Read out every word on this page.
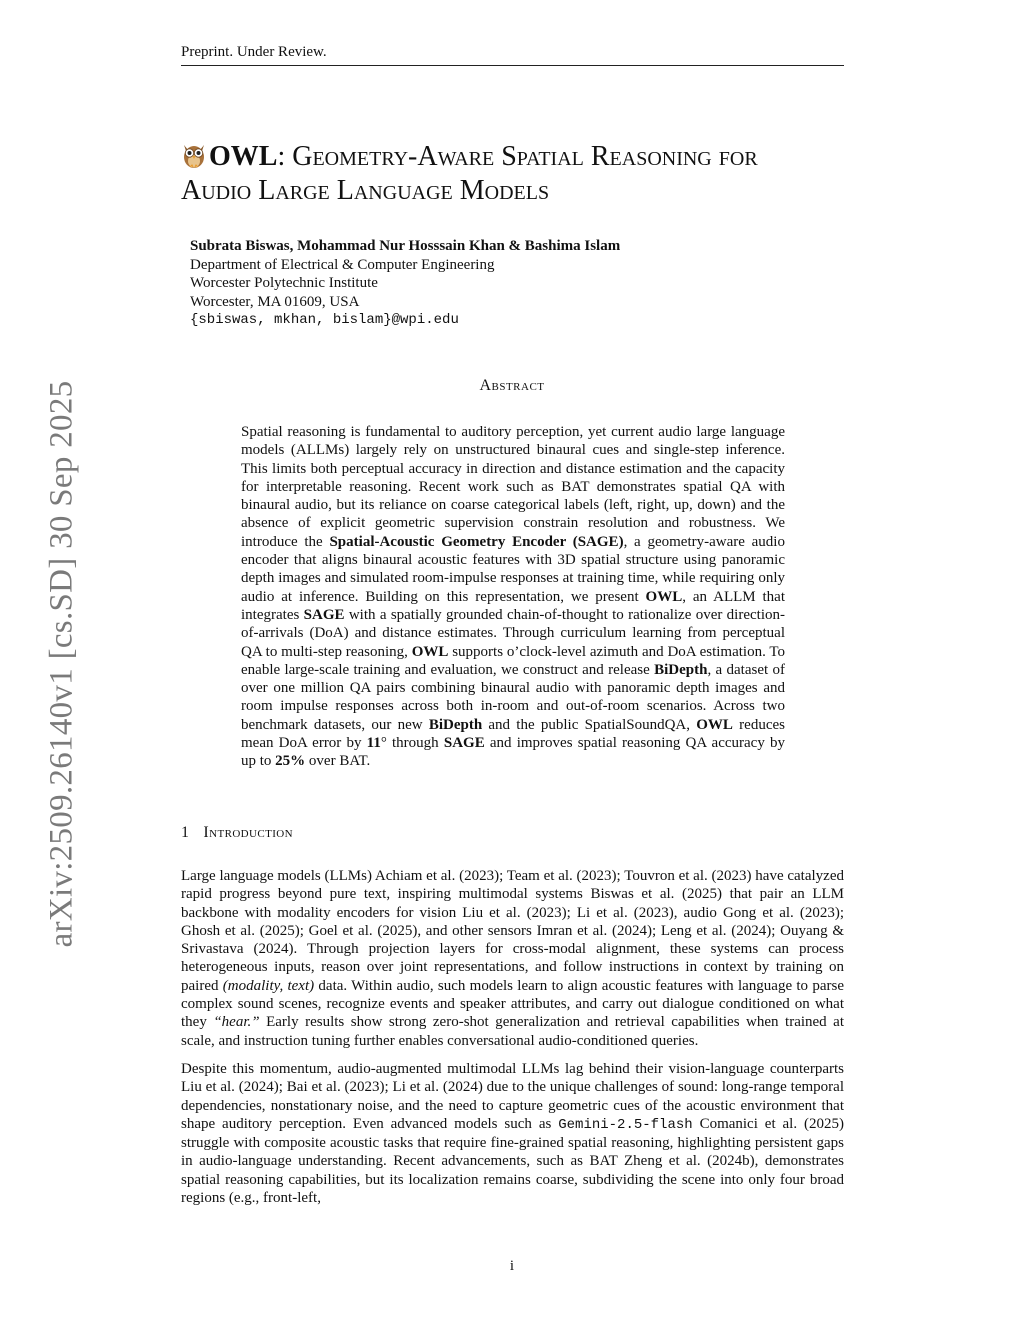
Preprint. Under Review.
OWL: Geometry-Aware Spatial Reasoning for
Audio Large Language Models
Subrata Biswas, Mohammad Nur Hosssain Khan & Bashima Islam
Department of Electrical & Computer Engineering
Worcester Polytechnic Institute
Worcester, MA 01609, USA
{sbiswas, mkhan, bislam}@wpi.edu
arXiv:2509.26140v1 [cs.SD] 30 Sep 2025	Abstract
Spatial reasoning is fundamental to auditory perception, yet current audio large language models (ALLMs) largely rely on unstructured binaural cues and single-step inference. This limits both perceptual accuracy in direction and distance estimation and the capacity for interpretable reasoning. Recent work such as BAT demonstrates spatial QA with binaural audio, but its reliance on coarse categorical labels (left, right, up, down) and the absence of explicit geometric supervision constrain resolution and robustness. We introduce the Spatial-Acoustic Geometry Encoder (SAGE), a geometry-aware audio encoder that aligns binaural acoustic features with 3D spatial structure using panoramic depth images and simulated room-impulse responses at training time, while requiring only audio at inference. Building on this representation, we present OWL, an ALLM that integrates SAGE with a spatially grounded chain-of-thought to rationalize over direction-of-arrivals (DoA) and distance estimates. Through curriculum learning from perceptual QA to multi-step reasoning, OWL supports o’clock-level azimuth and DoA estimation. To enable large-scale training and evaluation, we construct and release BiDepth, a dataset of over one million QA pairs combining binaural audio with panoramic depth images and room impulse responses across both in-room and out-of-room scenarios. Across two benchmark datasets, our new BiDepth and the public SpatialSoundQA, OWL reduces mean DoA error by 11° through SAGE and improves spatial reasoning QA accuracy by up to 25% over BAT.
1 Introduction

Large language models (LLMs) Achiam et al. (2023); Team et al. (2023); Touvron et al. (2023) have catalyzed rapid progress beyond pure text, inspiring multimodal systems Biswas et al. (2025) that pair an LLM backbone with modality encoders for vision Liu et al. (2023); Li et al. (2023), audio Gong et al. (2023); Ghosh et al. (2025); Goel et al. (2025), and other sensors Imran et al. (2024); Leng et al. (2024); Ouyang & Srivastava (2024). Through projection layers for cross-modal alignment, these systems can process heterogeneous inputs, reason over joint representations, and follow instructions in context by training on paired (modality, text) data. Within audio, such models learn to align acoustic features with language to parse complex sound scenes, recognize events and speaker attributes, and carry out dialogue conditioned on what they “hear.” Early results show strong zero-shot generalization and retrieval capabilities when trained at scale, and instruction tuning further enables conversational audio-conditioned queries.

Despite this momentum, audio-augmented multimodal LLMs lag behind their vision-language counterparts Liu et al. (2024); Bai et al. (2023); Li et al. (2024) due to the unique challenges of sound: long-range temporal dependencies, nonstationary noise, and the need to capture geometric cues of the acoustic environment that shape auditory perception. Even advanced models such as Gemini-2.5-flash Comanici et al. (2025) struggle with composite acoustic tasks that require fine-grained spatial reasoning, highlighting persistent gaps in audio-language understanding. Recent advancements, such as BAT Zheng et al. (2024b), demonstrates spatial reasoning capabilities, but its localization remains coarse, subdividing the scene into only four broad regions (e.g., front-left,

i
